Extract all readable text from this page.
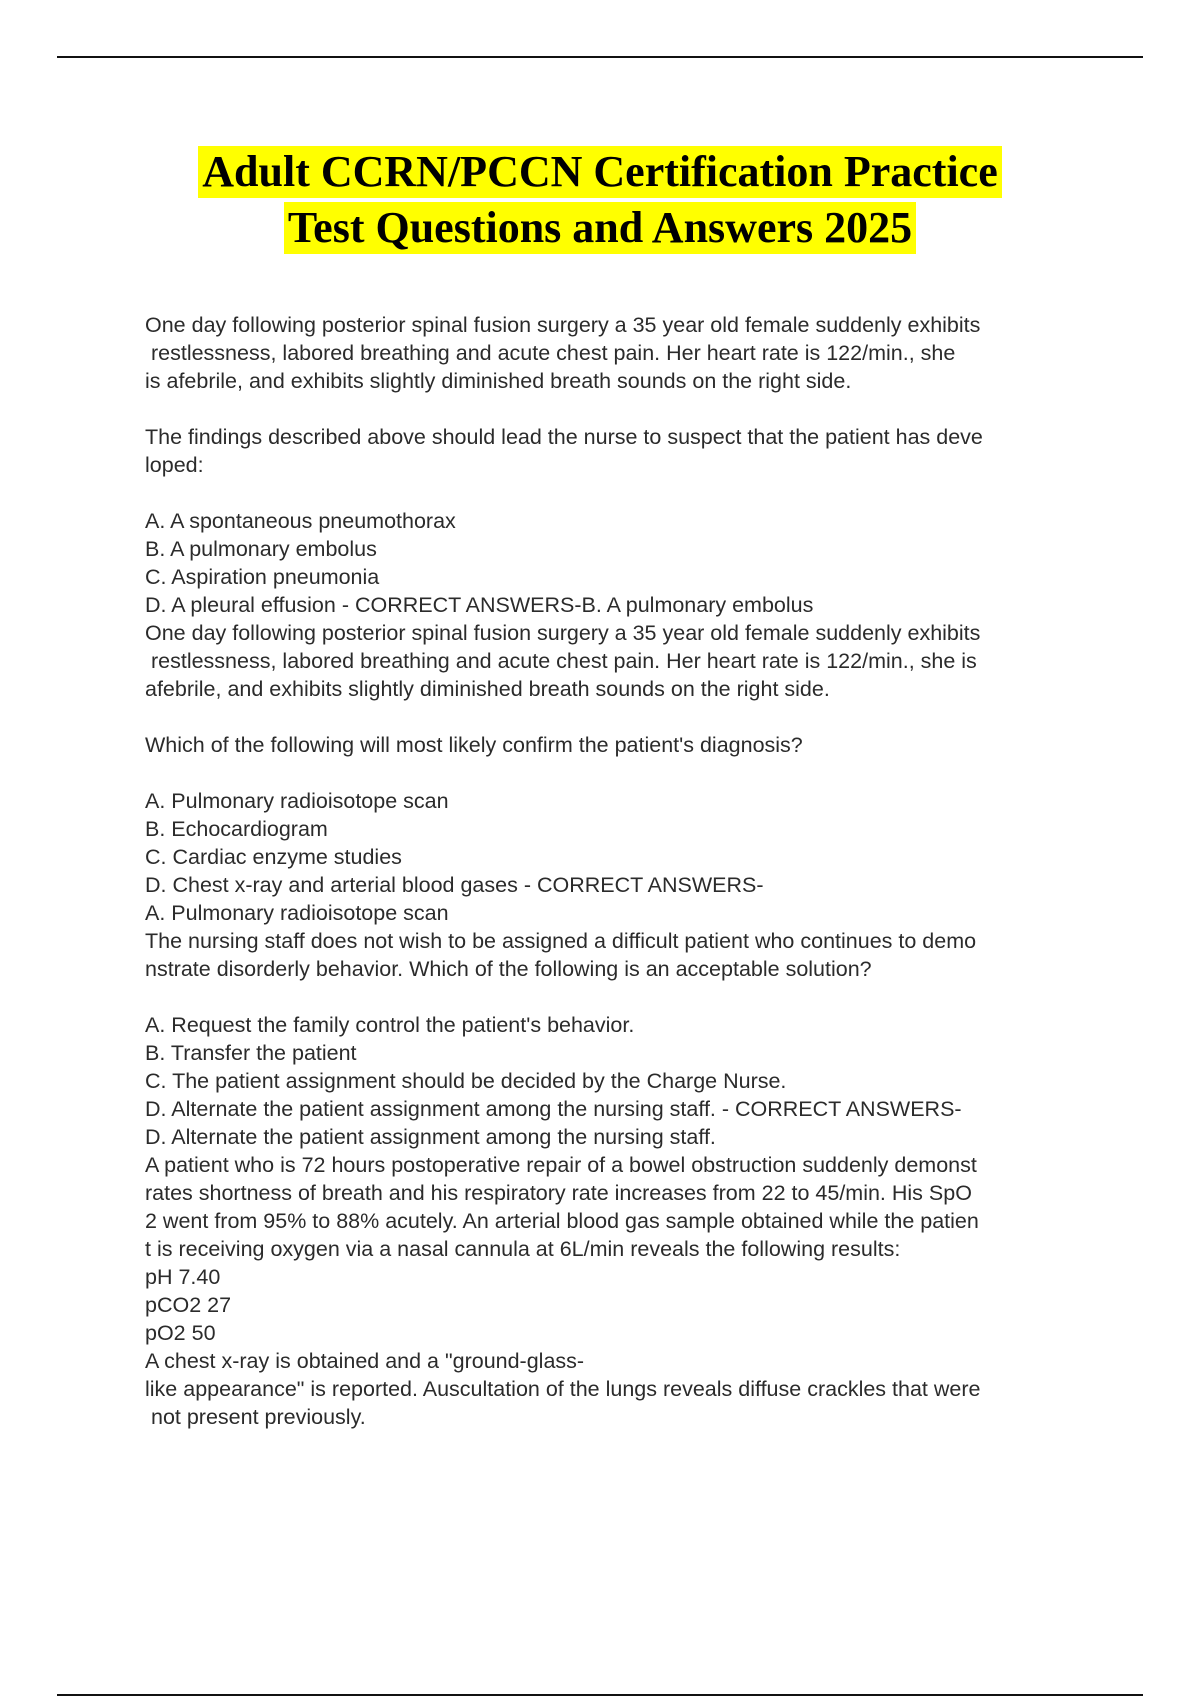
Adult CCRN/PCCN Certification Practice
Test Questions and Answers 2025

One day following posterior spinal fusion surgery a 35 year old female suddenly exhibits

restlessness, labored breathing and acute chest pain. Her heart rate is 122/min., she

is afebrile, and exhibits slightly diminished breath sounds on the right side.

The findings described above should lead the nurse to suspect that the patient has deve

loped:

A. A spontaneous pneumothorax

B. A pulmonary embolus

C. Aspiration pneumonia

D. A pleural effusion - CORRECT ANSWERS-B. A pulmonary embolus

One day following posterior spinal fusion surgery a 35 year old female suddenly exhibits

restlessness, labored breathing and acute chest pain. Her heart rate is 122/min., she is

afebrile, and exhibits slightly diminished breath sounds on the right side.

Which of the following will most likely confirm the patient's diagnosis?

A. Pulmonary radioisotope scan

B. Echocardiogram

C. Cardiac enzyme studies

D. Chest x-ray and arterial blood gases - CORRECT ANSWERS-

A. Pulmonary radioisotope scan

The nursing staff does not wish to be assigned a difficult patient who continues to demo

nstrate disorderly behavior. Which of the following is an acceptable solution?

A. Request the family control the patient's behavior.

B. Transfer the patient

C. The patient assignment should be decided by the Charge Nurse.

D. Alternate the patient assignment among the nursing staff. - CORRECT ANSWERS-

D. Alternate the patient assignment among the nursing staff.

A patient who is 72 hours postoperative repair of a bowel obstruction suddenly demonst

rates shortness of breath and his respiratory rate increases from 22 to 45/min. His SpO

2 went from 95% to 88% acutely. An arterial blood gas sample obtained while the patien

t is receiving oxygen via a nasal cannula at 6L/min reveals the following results:

pH 7.40

pCO2 27

pO2 50

A chest x-ray is obtained and a "ground-glass-

like appearance" is reported. Auscultation of the lungs reveals diffuse crackles that were

not present previously.
